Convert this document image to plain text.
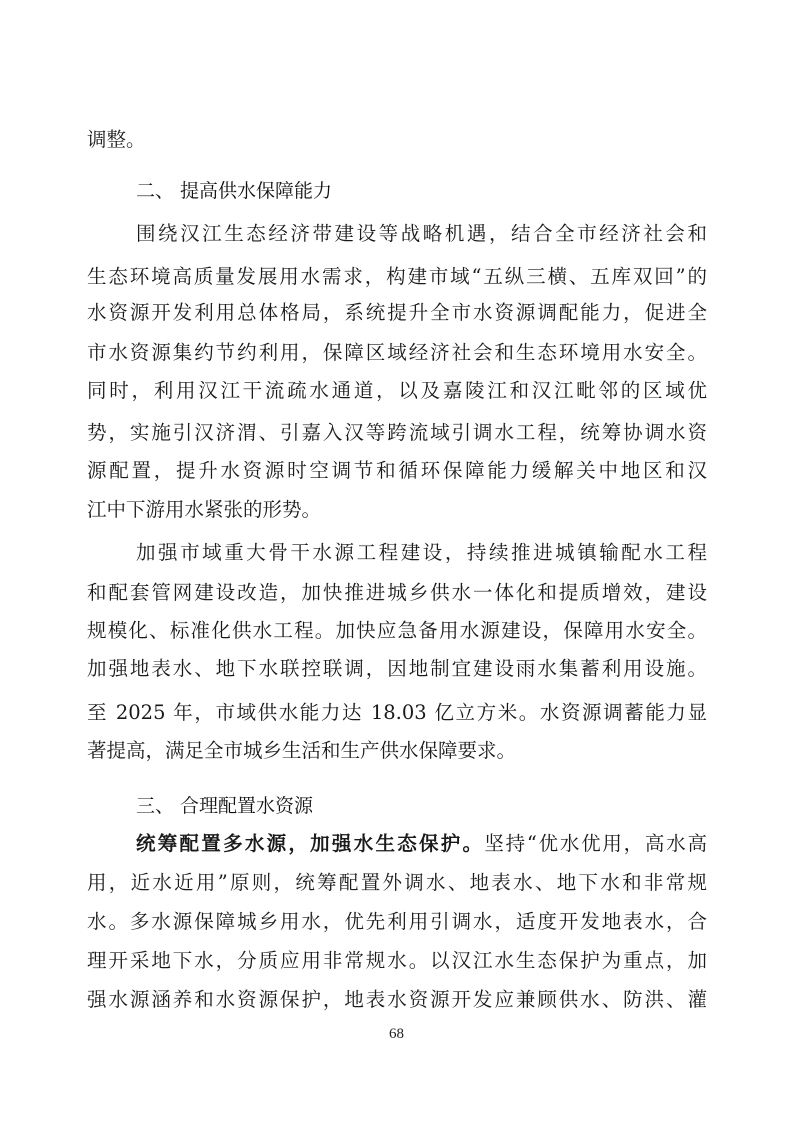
调整。
二、 提高供水保障能力
围绕汉江生态经济带建设等战略机遇，结合全市经济社会和
生态环境高质量发展用水需求，构建市域“五纵三横、五库双回”的
水资源开发利用总体格局，系统提升全市水资源调配能力，促进全
市水资源集约节约利用，保障区域经济社会和生态环境用水安全。
同时，利用汉江干流疏水通道，以及嘉陵江和汉江毗邻的区域优
势，实施引汉济渭、引嘉入汉等跨流域引调水工程，统筹协调水资
源配置，提升水资源时空调节和循环保障能力缓解关中地区和汉
江中下游用水紧张的形势。
加强市域重大骨干水源工程建设，持续推进城镇输配水工程
和配套管网建设改造，加快推进城乡供水一体化和提质增效，建设
规模化、标准化供水工程。加快应急备用水源建设，保障用水安全。
加强地表水、地下水联控联调，因地制宜建设雨水集蓄利用设施。
至 2025 年，市域供水能力达 18.03 亿立方米。水资源调蓄能力显
著提高，满足全市城乡生活和生产供水保障要求。
三、 合理配置水资源
统筹配置多水源，加强水生态保护。坚持“优水优用，高水高
用，近水近用”原则，统筹配置外调水、地表水、地下水和非常规
水。多水源保障城乡用水，优先利用引调水，适度开发地表水，合
理开采地下水，分质应用非常规水。以汉江水生态保护为重点，加
强水源涵养和水资源保护，地表水资源开发应兼顾供水、防洪、灌
68
